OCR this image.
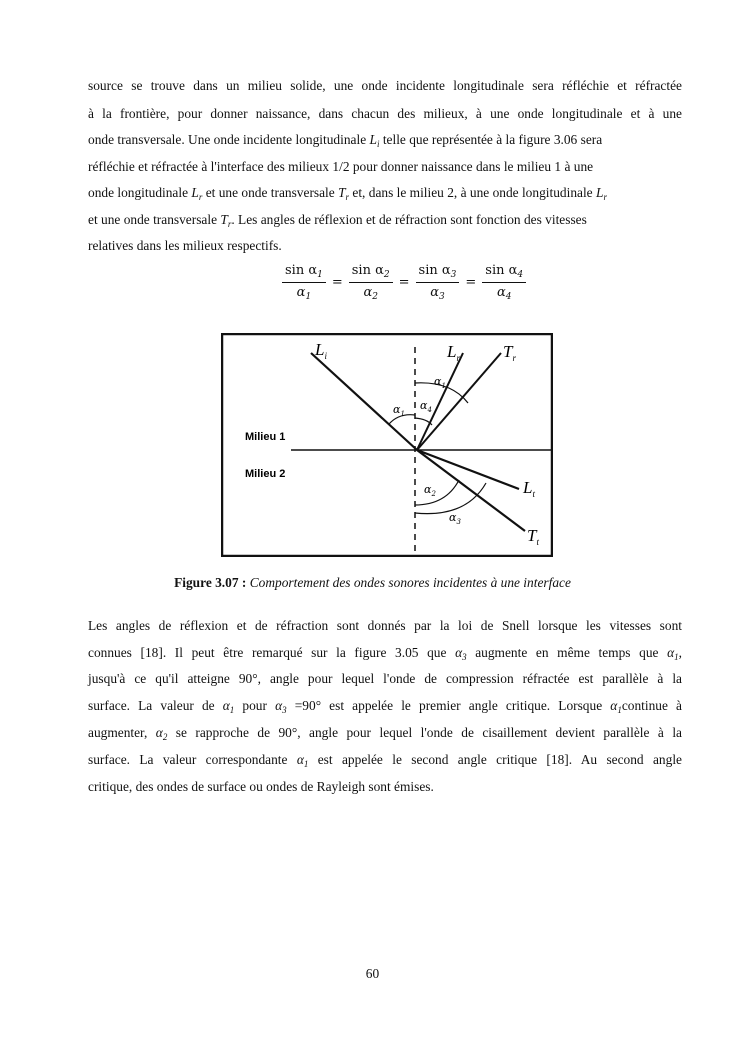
source se trouve dans un milieu solide, une onde incidente longitudinale sera réfléchie et réfractée
à la frontière, pour donner naissance, dans chacun des milieux, à une onde longitudinale et à une
onde transversale. Une onde incidente longitudinale $L_i$ telle que représentée à la figure 3.06 sera
réfléchie et réfractée à l'interface des milieux 1/2 pour donner naissance dans le milieu 1 à une
onde longitudinale $L_r$ et une onde transversale $T_r$ et, dans le milieu 2, à une onde longitudinale $L_r$
et une onde transversale $T_r$. Les angles de réflexion et de réfraction sont fonction des vitesses
relatives dans les milieux respectifs.
$\frac{\sin \alpha_1}{\alpha_1} = \frac{\sin \alpha_2}{\alpha_2} = \frac{\sin \alpha_3}{\alpha_3} = \frac{\sin \alpha_4}{\alpha_4}$
$L_i$	$L_r$	$T_r$
$L_t$
$T_t$
Milieu 1
Milieu 2
$\alpha_1$
$\alpha_4$
$\alpha_1$
$\alpha_2$
$\alpha_3$
Figure 3.07 : Comportement des ondes sonores incidentes à une interface
Les angles de réflexion et de réfraction sont donnés par la loi de Snell lorsque les vitesses sont
connues [18]. Il peut être remarqué sur la figure 3.05 que $\alpha_3$ augmente en même temps que $\alpha_1$,
jusqu'à ce qu'il atteigne 90°, angle pour lequel l'onde de compression réfractée est parallèle à la
surface. La valeur de $\alpha_1$ pour $\alpha_3 =90^\circ$ est appelée le premier angle critique. Lorsque $\alpha_1continue$ à
augmenter, $\alpha_2$ se rapproche de 90°, angle pour lequel l'onde de cisaillement devient parallèle à la
surface. La valeur correspondante $\alpha_1$ est appelée le second angle critique [18]. Au second angle
critique, des ondes de surface ou ondes de Rayleigh sont émises.
60
